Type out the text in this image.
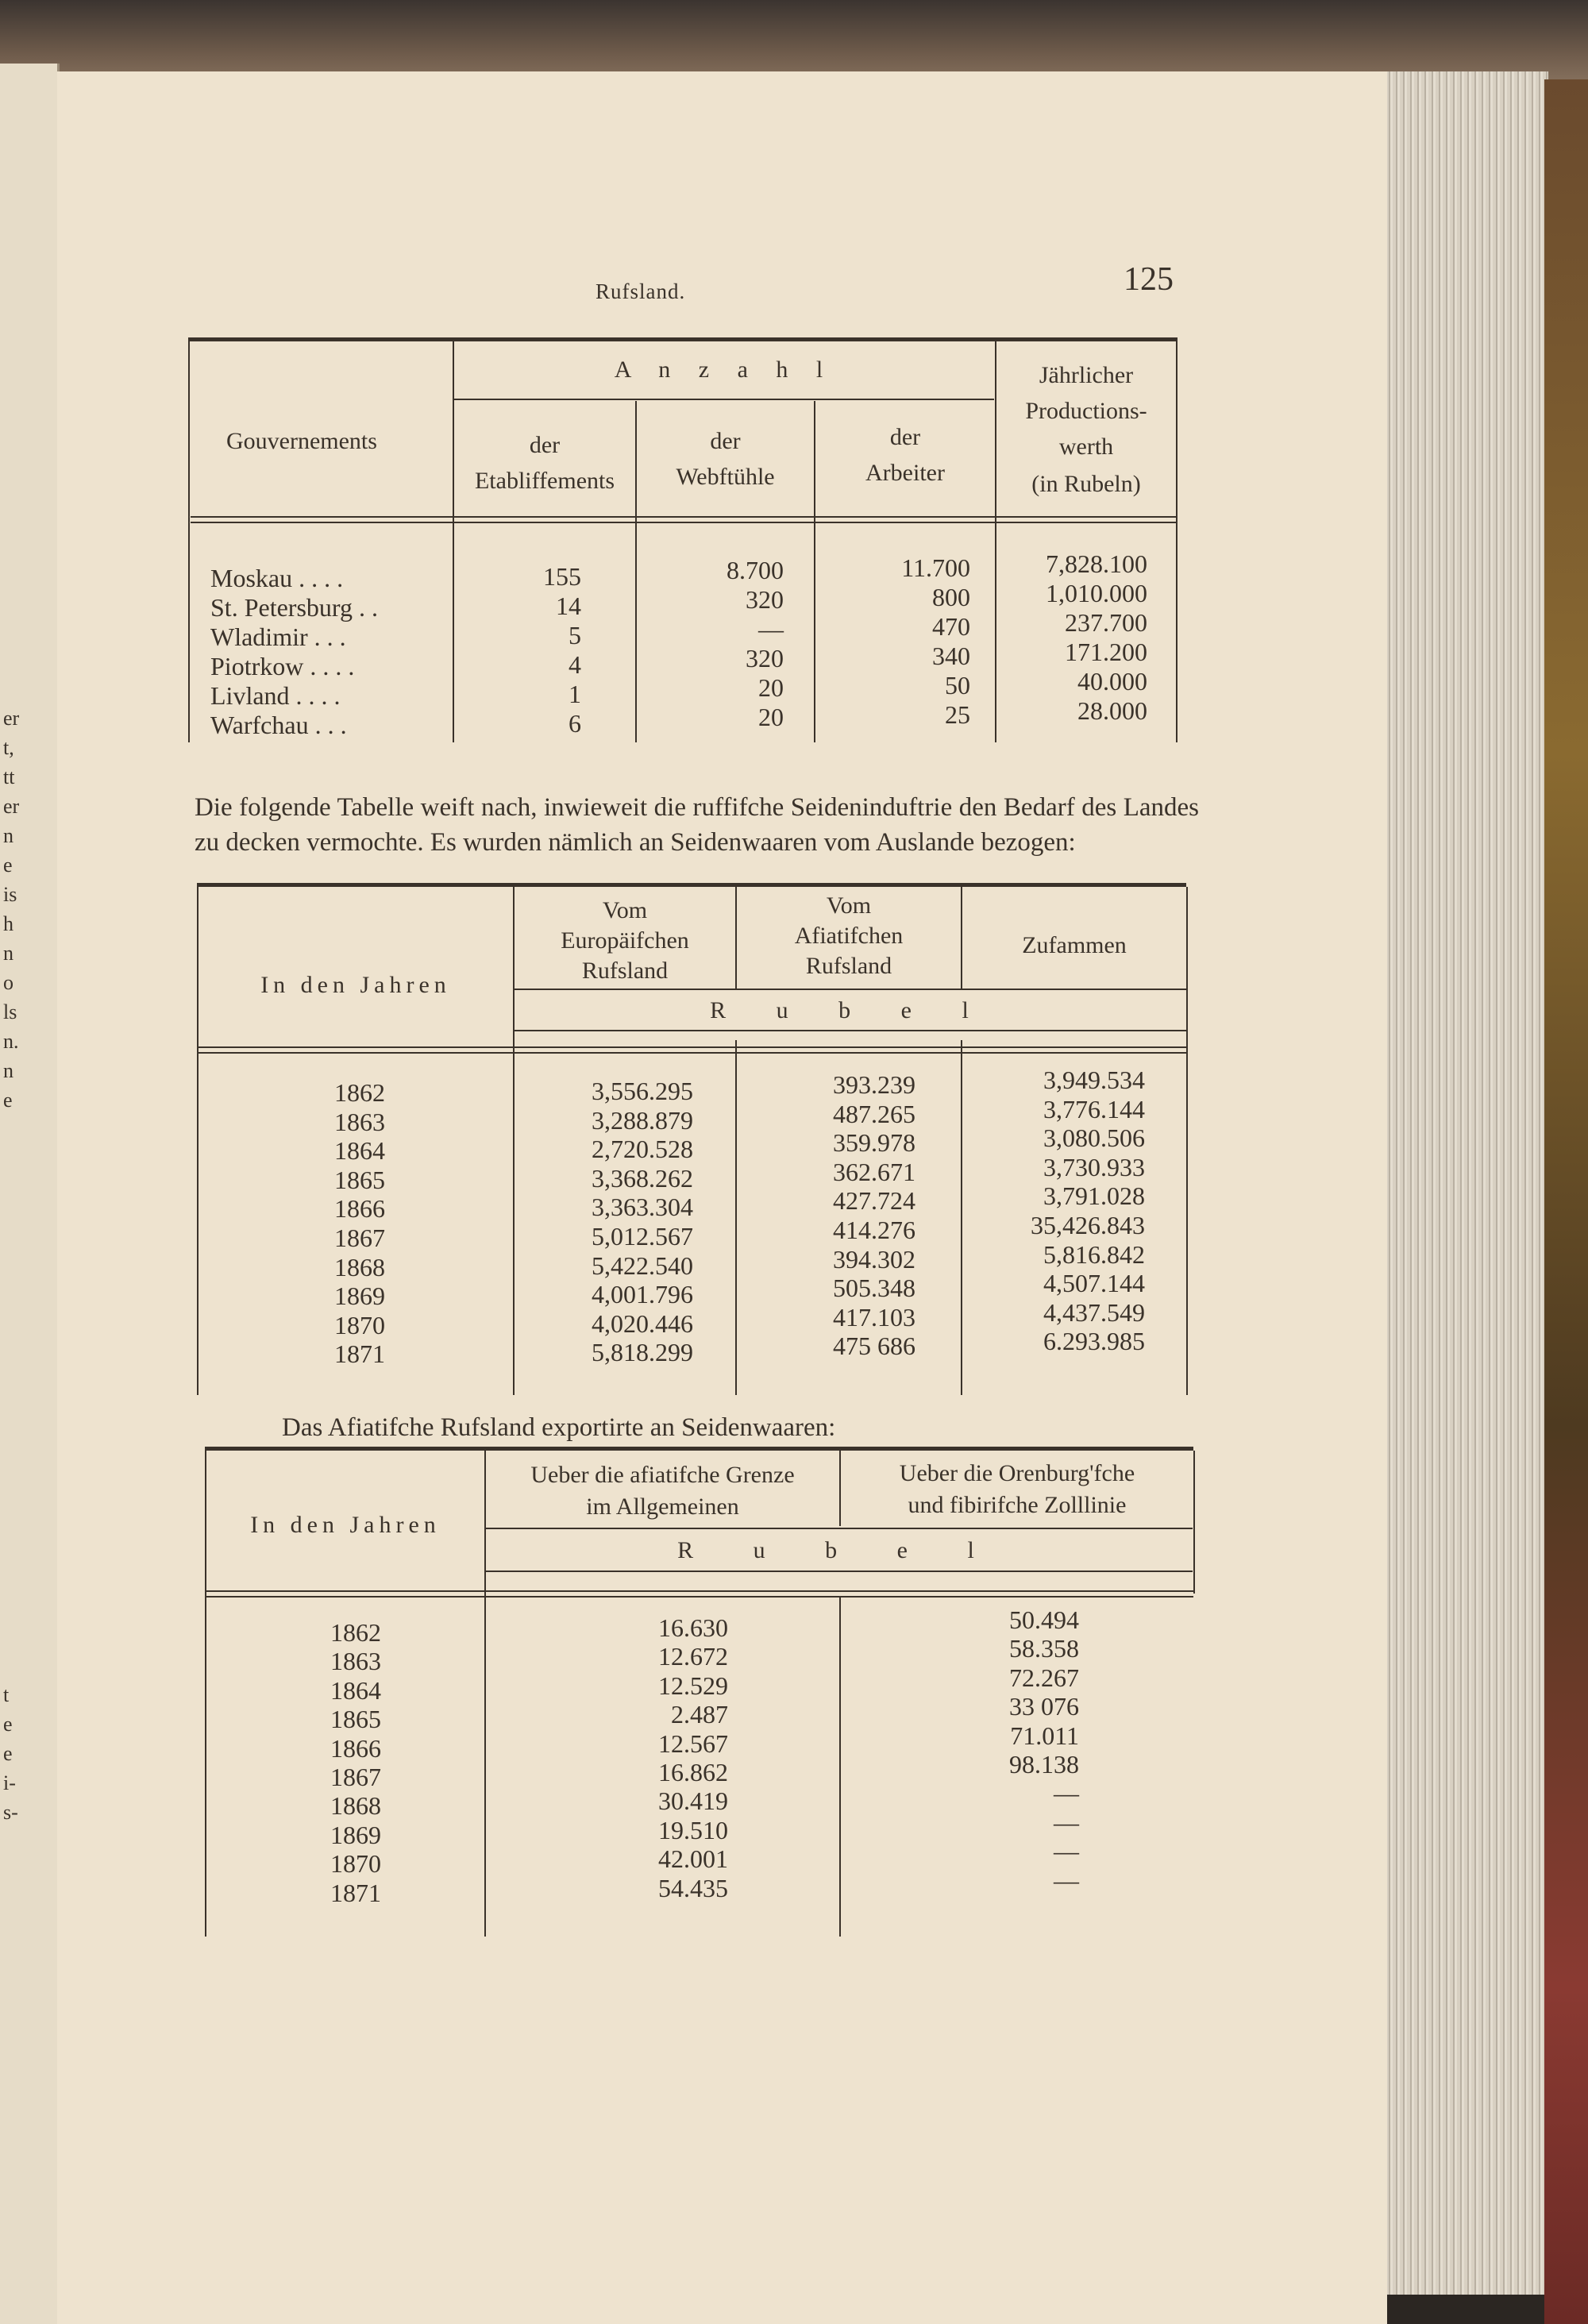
er
t,
tt
er
n
e
is
h
n
o
ls
n.
n
e
t
e
e
i-
s-
Rufsland.	125
Gouvernements
A n z a h l
der
Etabliffements
der
Webftühle
der
Arbeiter
Jährlicher
Productions-
werth
(in Rubeln)
Moskau . . . .	155	8.700	11.700	7,828.100
St. Petersburg . .	14	320	800	1,010.000
Wladimir . . .	5	—	470	237.700
Piotrkow . . . .	4	320	340	171.200
Livland . . . .	1	20	50	40.000
Warfchau . . .	6	20	25	28.000
Die folgende Tabelle weift nach, inwieweit die ruffifche Seideninduftrie den Bedarf des Landes zu decken vermochte. Es wurden nämlich an Seidenwaaren vom Auslande bezogen:
In den Jahren
Vom
Europäifchen
Rufsland
Vom
Afiatifchen
Rufsland
Zufammen
R u b e l
1862	3,556.295	393.239	3,949.534
1863	3,288.879	487.265	3,776.144
1864	2,720.528	359.978	3,080.506
1865	3,368.262	362.671	3,730.933
1866	3,363.304	427.724	3,791.028
1867	5,012.567	414.276	35,426.843
1868	5,422.540	394.302	5,816.842
1869	4,001.796	505.348	4,507.144
1870	4,020.446	417.103	4,437.549
1871	5,818.299	475 686	6.293.985
Das Afiatifche Rufsland exportirte an Seidenwaaren:
In den Jahren
Ueber die afiatifche Grenze
im Allgemeinen
Ueber die Orenburg'fche
und fibirifche Zolllinie
R u b e l
1862	16.630	50.494
1863	12.672	58.358
1864	12.529	72.267
1865	2.487	33 076
1866	12.567	71.011
1867	16.862	98.138
1868	30.419	—
1869	19.510	—
1870	42.001	—
1871	54.435	—
